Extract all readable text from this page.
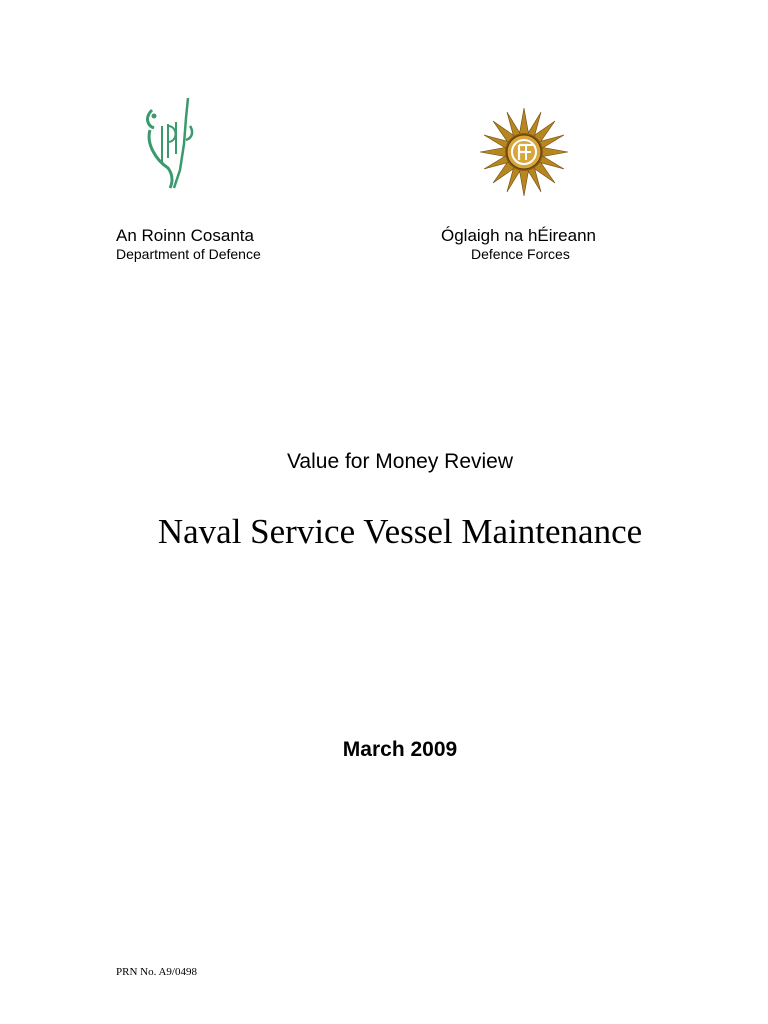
An Roinn Cosanta
Department of Defence
Óglaigh na hÉireann
Defence Forces
Value for Money Review
Naval Service Vessel Maintenance
March 2009
PRN No. A9/0498
